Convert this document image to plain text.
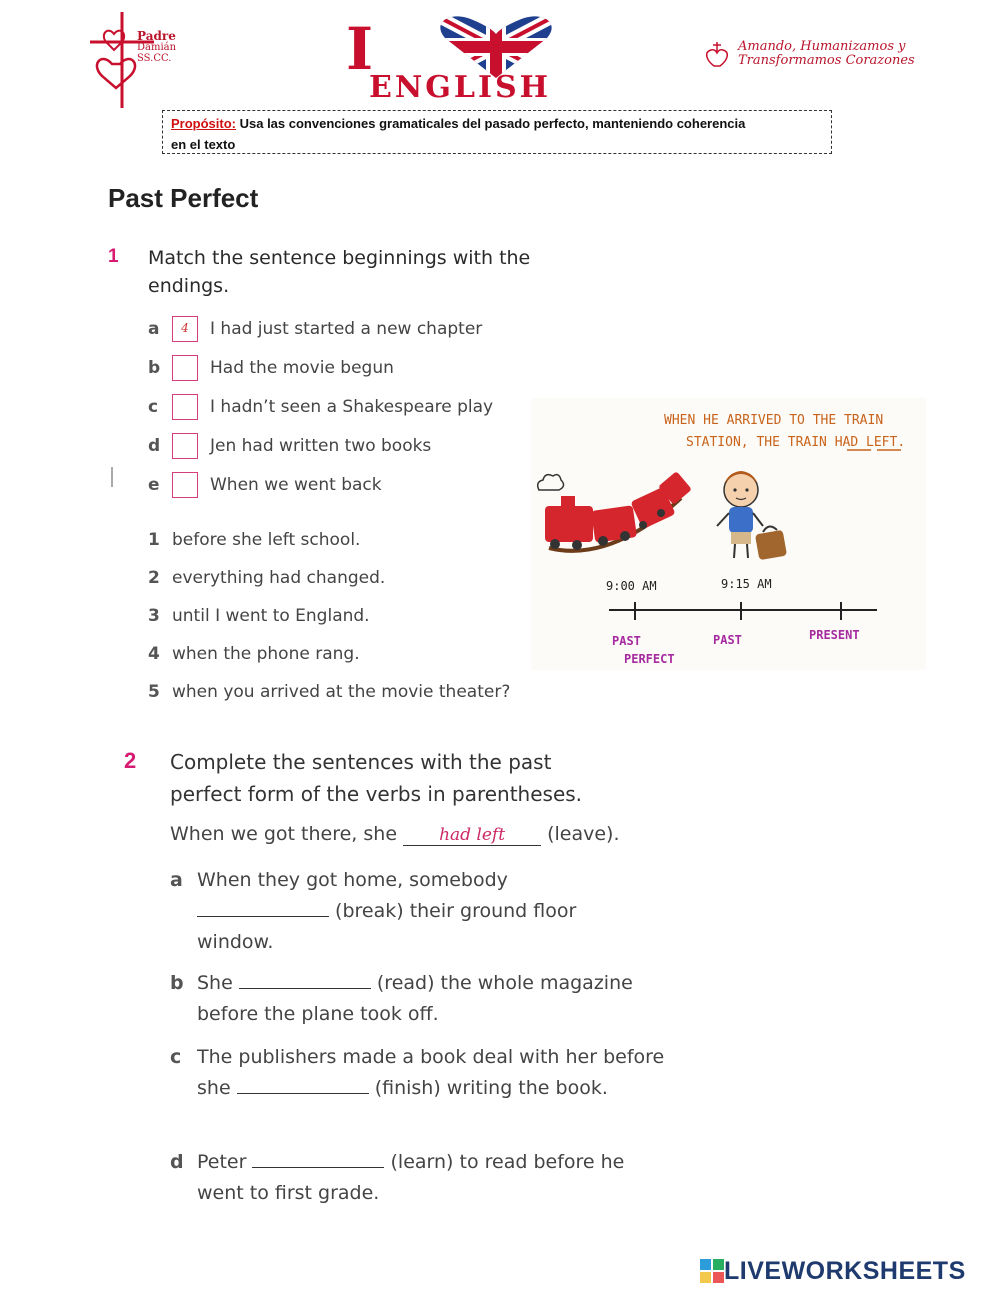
Padre
Damián
SS.CC.	I
ENGLISH
Amando, Humanizamos y
Transformamos Corazones
Propósito: Usa las convenciones gramaticales del pasado perfecto, manteniendo coherencia
en el texto
Past Perfect
1 Match the sentence beginnings with the
endings.
a	4	I had just started a new chapter
b	Had the movie begun
c	I hadn’t seen a Shakespeare play
d	Jen had written two books
e	When we went back
1 before she left school.
2 everything had changed.
3 until I went to England.
4 when the phone rang.
5 when you arrived at the movie theater?
WHEN HE ARRIVED TO THE TRAIN
STATION, THE TRAIN HAD LEFT.
9:00 AM	9:15 AM
PAST
PERFECT
PAST	PRESENT
2 Complete the sentences with the past
perfect form of the verbs in parentheses.
When we got there, she had left (leave).
a When they got home, somebody
(break) their ground floor window.
b She	(read) the whole magazine before the plane took off.
c The publishers made a book deal with her before she	(finish) writing the book.
d Peter	(learn) to read before he went to first grade.
LIVEWORKSHEETS
